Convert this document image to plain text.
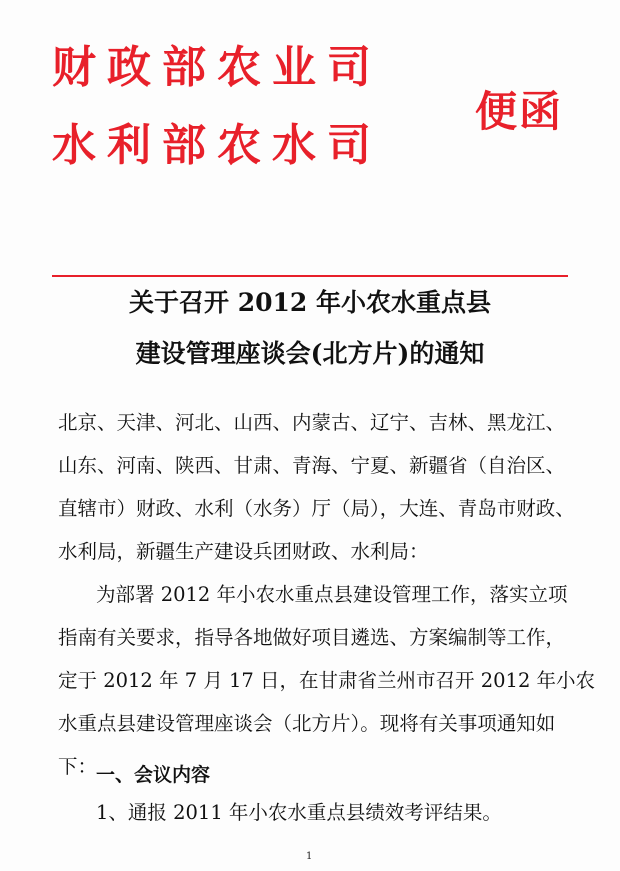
财政部农业司
水利部农水司
便函
关于召开 2012 年小农水重点县
建设管理座谈会(北方片)的通知
北京、天津、河北、山西、内蒙古、辽宁、吉林、黑龙江、
山东、河南、陕西、甘肃、青海、宁夏、新疆省（自治区、
直辖市）财政、水利（水务）厅（局），大连、青岛市财政、
水利局，新疆生产建设兵团财政、水利局：
为部署 2012 年小农水重点县建设管理工作，落实立项
指南有关要求，指导各地做好项目遴选、方案编制等工作，
定于 2012 年 7 月 17 日，在甘肃省兰州市召开 2012 年小农
水重点县建设管理座谈会（北方片）。现将有关事项通知如
下：
一、会议内容
1、通报 2011 年小农水重点县绩效考评结果。
1
